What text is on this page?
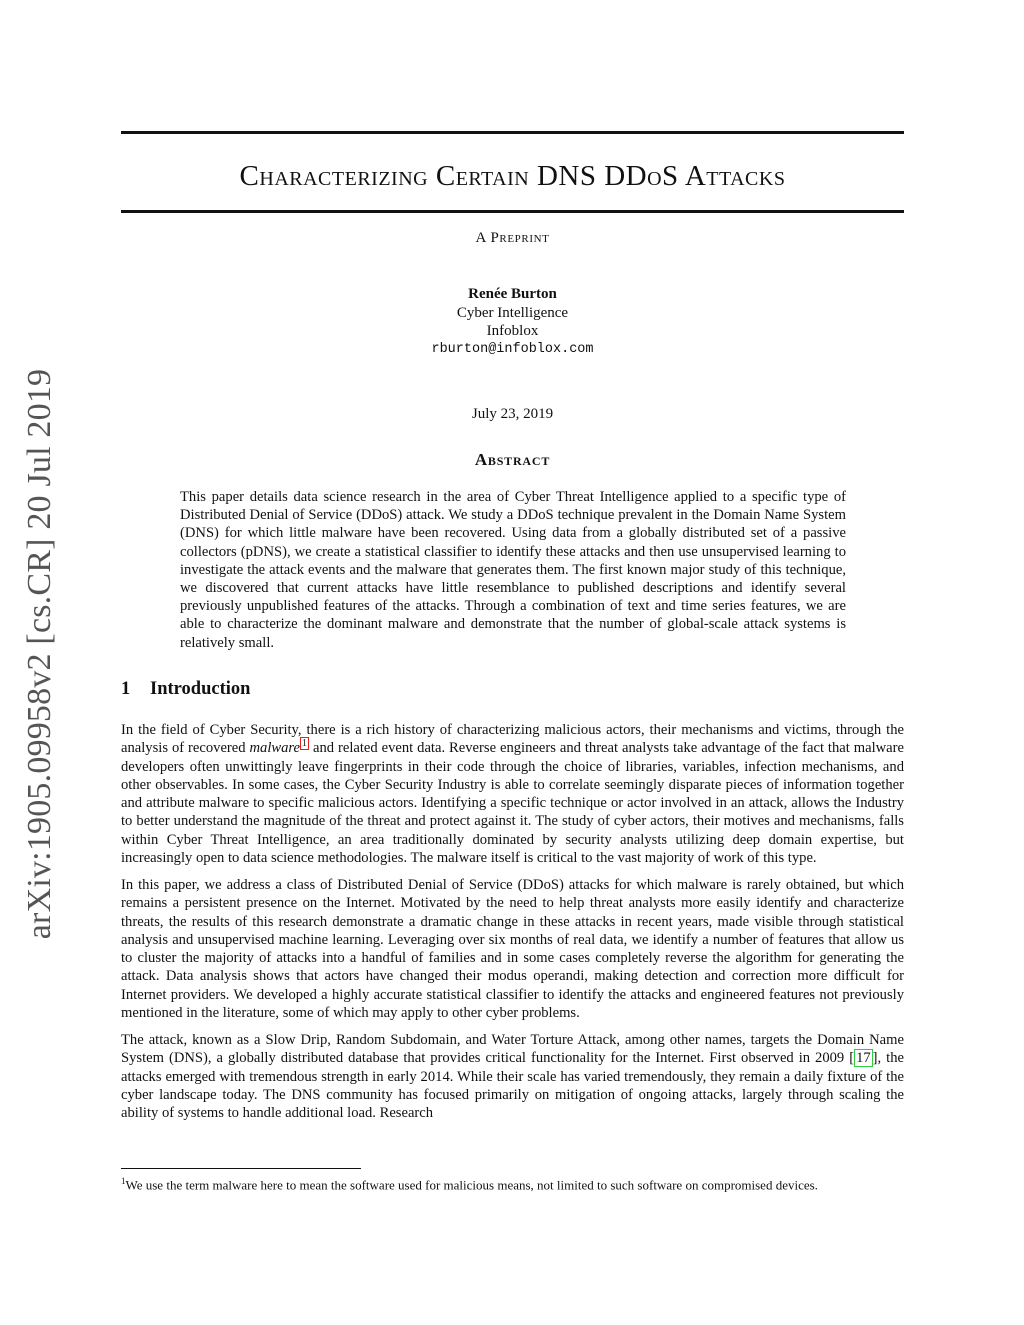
arXiv:1905.09958v2 [cs.CR] 20 Jul 2019
Characterizing Certain DNS DDoS Attacks
A Preprint
Renée Burton
Cyber Intelligence
Infoblox
rburton@infoblox.com
July 23, 2019
Abstract

This paper details data science research in the area of Cyber Threat Intelligence applied to a specific type of Distributed Denial of Service (DDoS) attack. We study a DDoS technique prevalent in the Domain Name System (DNS) for which little malware have been recovered. Using data from a globally distributed set of a passive collectors (pDNS), we create a statistical classifier to identify these attacks and then use unsupervised learning to investigate the attack events and the malware that generates them. The first known major study of this technique, we discovered that current attacks have little resemblance to published descriptions and identify several previously unpublished features of the attacks. Through a combination of text and time series features, we are able to characterize the dominant malware and demonstrate that the number of global-scale attack systems is relatively small.

1 Introduction

In the field of Cyber Security, there is a rich history of characterizing malicious actors, their mechanisms and victims, through the analysis of recovered malware $^1$ and related event data. Reverse engineers and threat analysts take advantage of the fact that malware developers often unwittingly leave fingerprints in their code through the choice of libraries, variables, infection mechanisms, and other observables. In some cases, the Cyber Security Industry is able to correlate seemingly disparate pieces of information together and attribute malware to specific malicious actors. Identifying a specific technique or actor involved in an attack, allows the Industry to better understand the magnitude of the threat and protect against it. The study of cyber actors, their motives and mechanisms, falls within Cyber Threat Intelligence, an area traditionally dominated by security analysts utilizing deep domain expertise, but increasingly open to data science methodologies. The malware itself is critical to the vast majority of work of this type.

In this paper, we address a class of Distributed Denial of Service (DDoS) attacks for which malware is rarely obtained, but which remains a persistent presence on the Internet. Motivated by the need to help threat analysts more easily identify and characterize threats, the results of this research demonstrate a dramatic change in these attacks in recent years, made visible through statistical analysis and unsupervised machine learning. Leveraging over six months of real data, we identify a number of features that allow us to cluster the majority of attacks into a handful of families and in some cases completely reverse the algorithm for generating the attack. Data analysis shows that actors have changed their modus operandi, making detection and correction more difficult for Internet providers. We developed a highly accurate statistical classifier to identify the attacks and engineered features not previously mentioned in the literature, some of which may apply to other cyber problems.

The attack, known as a Slow Drip, Random Subdomain, and Water Torture Attack, among other names, targets the Domain Name System (DNS), a globally distributed database that provides critical functionality for the Internet. First observed in 2009 [ 17 ], the attacks emerged with tremendous strength in early 2014. While their scale has varied tremendously, they remain a daily fixture of the cyber landscape today. The DNS community has focused primarily on mitigation of ongoing attacks, largely through scaling the ability of systems to handle additional load. Research

$^1$We use the term malware here to mean the software used for malicious means, not limited to such software on compromised devices.
